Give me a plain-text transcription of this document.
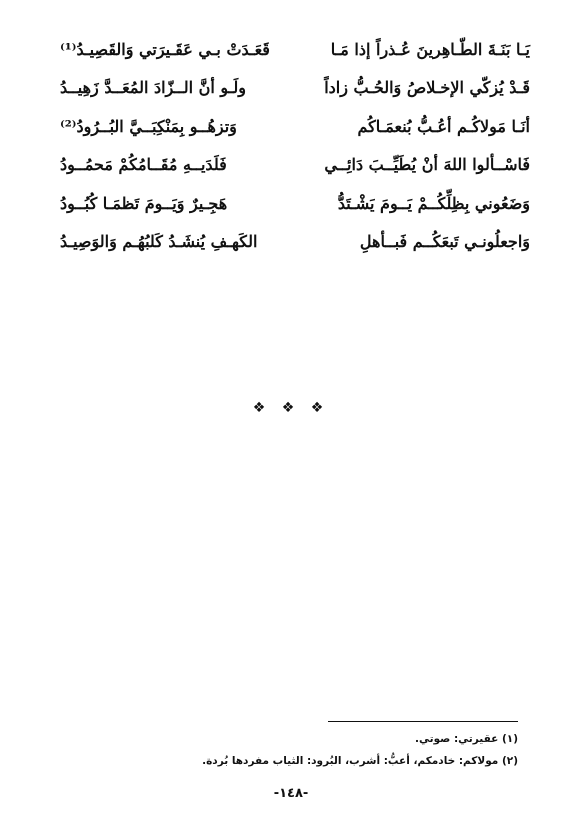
يَـا بَنَـةَ الطّـاهِرينَ عُـذراً إذا مَـا
قَعَـدَتْ بـي عَقَـيرَتي وَالقَصِيـدُ⁽¹⁾
قَـدْ يُزكّي الإخـلاصُ وَالحُـبُّ زاداً
ولَـو أنَّ الــزّادَ المُعَــدَّ زَهِيــدُ
أنَـا مَولاكُـم أعُـبُّ بُنعمَـاكُم
وَتزهُــو بِمَنْكِبَــيَّ البُــرُودُ⁽²⁾
فَاسْــألوا اللهَ أنْ يُطَيِّــبَ دَائِــي
فَلَدَيــهِ مُقَــامُكُمْ مَحمُــودُ
وَضَعُوني بِظِلِّكُــمْ يَــومَ يَشْـتَدُّ
هَجِـيرٌ وَيَــومَ تَظمَـا كُبُــودُ
وَاجعلُونـي تَبعَكُــم فَبــأهلِ
الكَهـفِ يُنشَـدُ كَلبُهُـم وَالوَصِيـدُ
❖ ❖ ❖
(١) عقيرتي: صوتي.
(٢) مولاكم: خادمكم، أعبُّ: أشرب، البُرود: الثياب مفردها بُردة.
-١٤٨-
